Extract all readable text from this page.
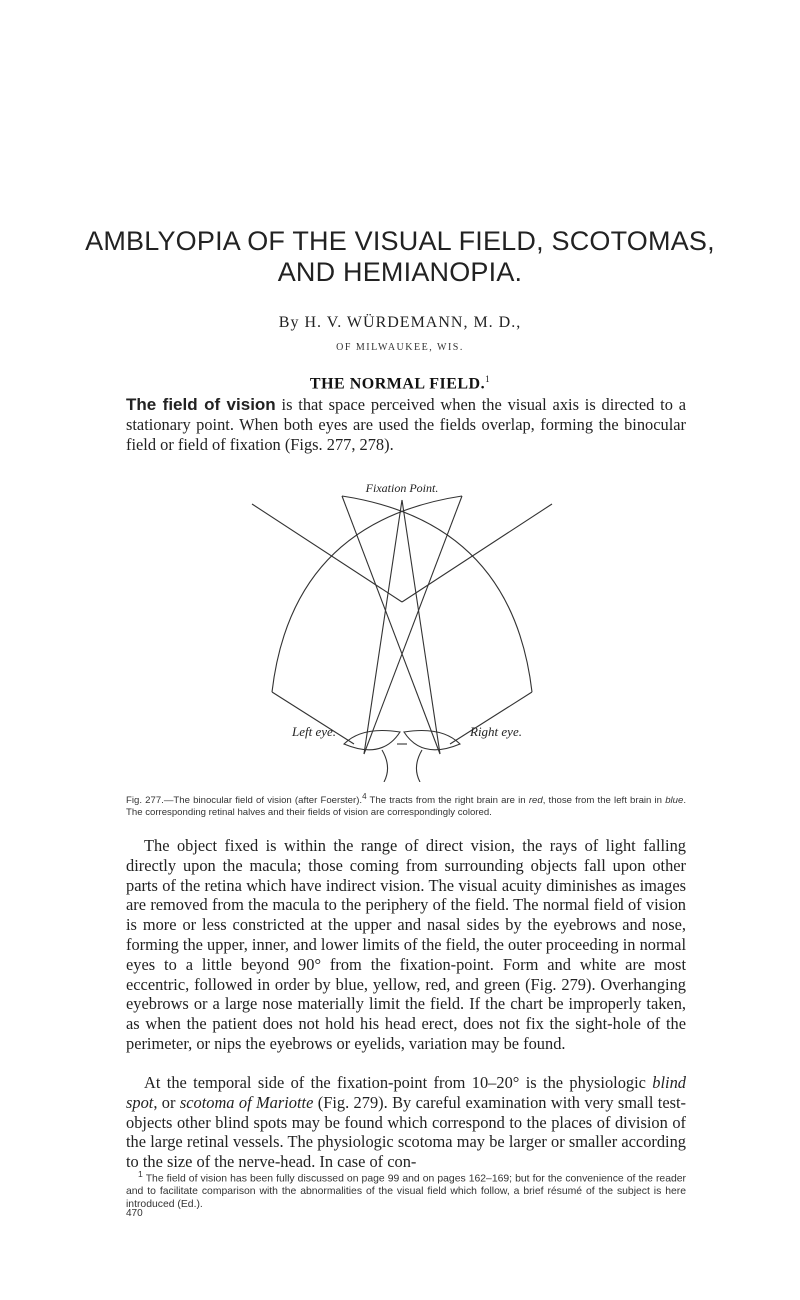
AMBLYOPIA OF THE VISUAL FIELD, SCOTOMAS,
AND HEMIANOPIA.
By H. V. WÜRDEMANN, M. D.,
OF MILWAUKEE, WIS.
THE NORMAL FIELD.$^1$
The field of vision is that space perceived when the visual axis is directed to a stationary point. When both eyes are used the fields overlap, forming the binocular field or field of fixation (Figs. 277, 278).
Fixation Point.
Left eye.	Right eye.
Fig. 277.—The binocular field of vision (after Foerster).$^4$ The tracts from the right brain are in red, those from the left brain in blue. The corresponding retinal halves and their fields of vision are correspondingly colored.
The object fixed is within the range of direct vision, the rays of light falling directly upon the macula; those coming from surrounding objects fall upon other parts of the retina which have indirect vision. The visual acuity diminishes as images are removed from the macula to the periphery of the field. The normal field of vision is more or less constricted at the upper and nasal sides by the eyebrows and nose, forming the upper, inner, and lower limits of the field, the outer proceeding in normal eyes to a little beyond 90° from the fixation-point. Form and white are most eccentric, followed in order by blue, yellow, red, and green (Fig. 279). Overhanging eyebrows or a large nose materially limit the field. If the chart be improperly taken, as when the patient does not hold his head erect, does not fix the sight-hole of the perimeter, or nips the eyebrows or eyelids, variation may be found.
At the temporal side of the fixation-point from 10–20° is the physiologic blind spot, or scotoma of Mariotte (Fig. 279). By careful examination with very small test-objects other blind spots may be found which correspond to the places of division of the large retinal vessels. The physiologic scotoma may be larger or smaller according to the size of the nerve-head. In case of con-
$^1$ The field of vision has been fully discussed on page 99 and on pages 162–169; but for the convenience of the reader and to facilitate comparison with the abnormalities of the visual field which follow, a brief résumé of the subject is here introduced (Ed.).
470
